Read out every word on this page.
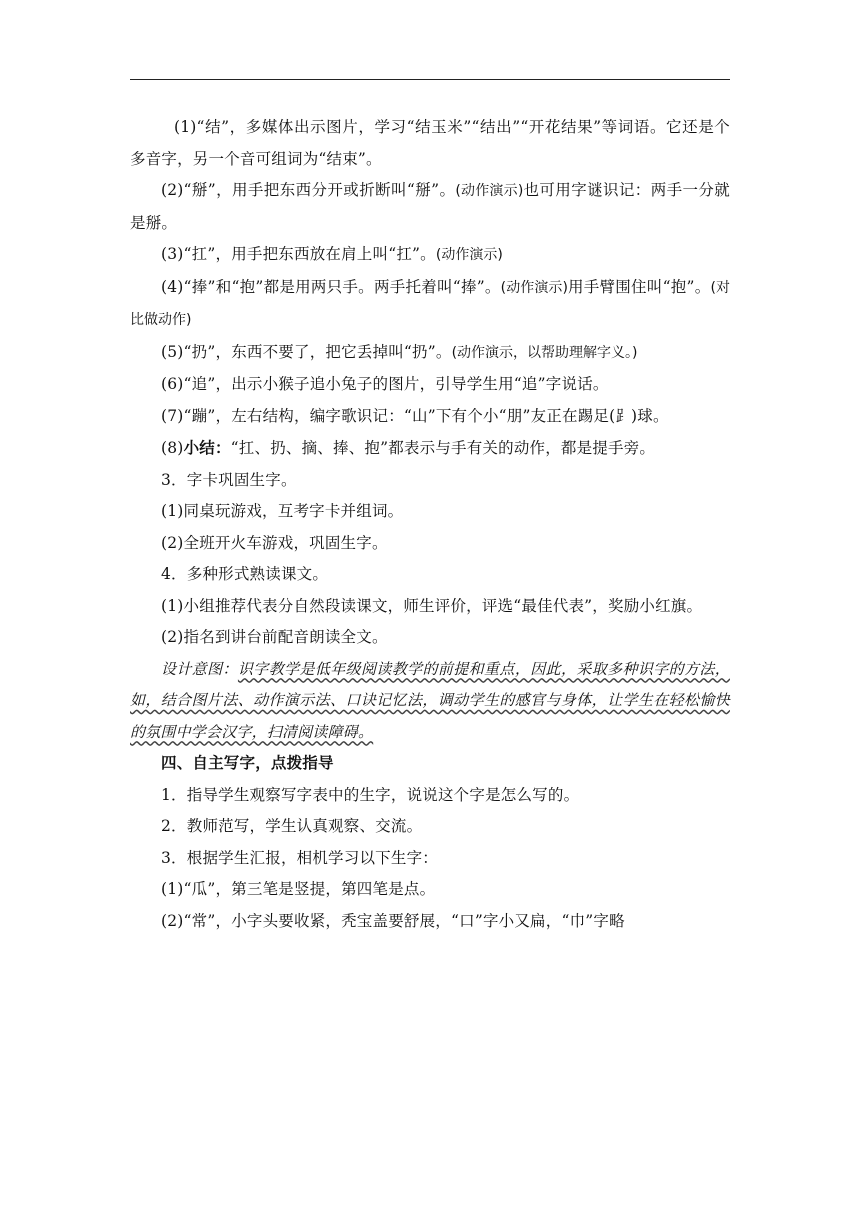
(1)“结”，多媒体出示图片，学习“结玉米”“结出”“开花结果”等词语。它还是个多音字，另一个音可组词为“结束”。

(2)“掰”，用手把东西分开或折断叫“掰”。(动作演示)也可用字谜识记：两手一分就是掰。

(3)“扛”，用手把东西放在肩上叫“扛”。(动作演示)

(4)“捧”和“抱”都是用两只手。两手托着叫“捧”。(动作演示)用手臂围住叫“抱”。(对比做动作)

(5)“扔”，东西不要了，把它丢掉叫“扔”。(动作演示，以帮助理解字义。)

(6)“追”，出示小猴子追小兔子的图片，引导学生用“追”字说话。

(7)“蹦”，左右结构，编字歌识记：“山”下有个小“朋”友正在踢足(⻊)球。

(8)小结：“扛、扔、摘、捧、抱”都表示与手有关的动作，都是提手旁。

3．字卡巩固生字。

(1)同桌玩游戏，互考字卡并组词。

(2)全班开火车游戏，巩固生字。

4．多种形式熟读课文。

(1)小组推荐代表分自然段读课文，师生评价，评选“最佳代表”，奖励小红旗。

(2)指名到讲台前配音朗读全文。

设计意图：识字教学是低年级阅读教学的前提和重点，因此，采取多种识字的方法，如，结合图片法、动作演示法、口诀记忆法，调动学生的感官与身体，让学生在轻松愉快的氛围中学会汉字，扫清阅读障碍。

四、自主写字，点拨指导

1．指导学生观察写字表中的生字，说说这个字是怎么写的。

2．教师范写，学生认真观察、交流。

3．根据学生汇报，相机学习以下生字：

(1)“瓜”，第三笔是竖提，第四笔是点。

(2)“常”，小字头要收紧，秃宝盖要舒展，“口”字小又扁，“巾”字略
